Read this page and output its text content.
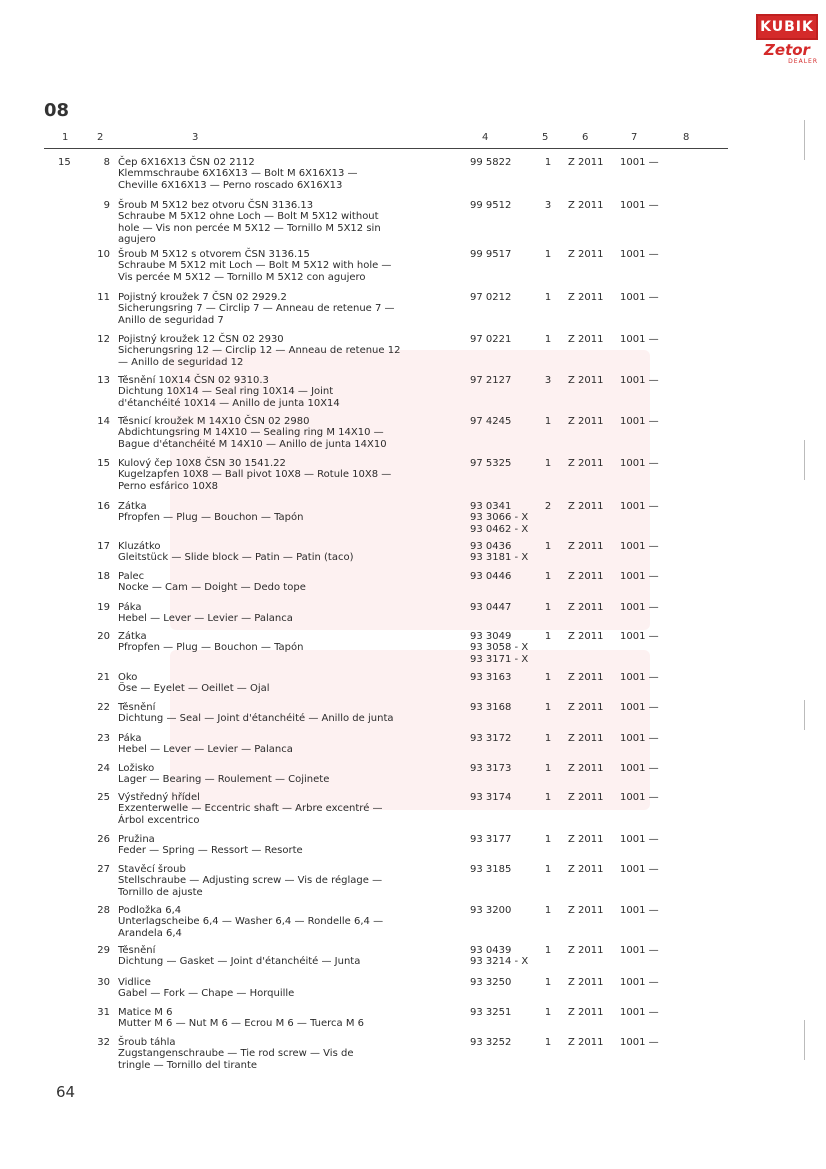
KUBIK
Zetor
DEALER
08
1	2	3	4	5	6	7	8
15	8 Čep 6X16X13 ČSN 02 2112
Klemmschraube 6X16X13 — Bolt M 6X16X13 —
Cheville 6X16X13 — Perno roscado 6X16X13
99 5822	1 Z 2011	1001 —
9 Šroub M 5X12 bez otvoru ČSN 3136.13
Schraube M 5X12 ohne Loch — Bolt M 5X12 without
hole — Vis non percée M 5X12 — Tornillo M 5X12 sin
agujero
99 9512	3 Z 2011	1001 —
10 Šroub M 5X12 s otvorem ČSN 3136.15
Schraube M 5X12 mit Loch — Bolt M 5X12 with hole —
Vis percée M 5X12 — Tornillo M 5X12 con agujero
99 9517	1 Z 2011	1001 —
11 Pojistný kroužek 7 ČSN 02 2929.2
Sicherungsring 7 — Circlip 7 — Anneau de retenue 7 —
Anillo de seguridad 7
97 0212	1 Z 2011	1001 —
12 Pojistný kroužek 12 ČSN 02 2930
Sicherungsring 12 — Circlip 12 — Anneau de retenue 12
— Anillo de seguridad 12
97 0221	1 Z 2011	1001 —
13 Těsnění 10X14 ČSN 02 9310.3
Dichtung 10X14 — Seal ring 10X14 — Joint
d'étanchéité 10X14 — Anillo de junta 10X14
97 2127	3 Z 2011	1001 —
14 Těsnicí kroužek M 14X10 ČSN 02 2980
Abdichtungsring M 14X10 — Sealing ring M 14X10 —
Bague d'étanchéité M 14X10 — Anillo de junta 14X10
97 4245	1 Z 2011	1001 —
15 Kulový čep 10X8 ČSN 30 1541.22
Kugelzapfen 10X8 — Ball pivot 10X8 — Rotule 10X8 —
Perno esfárico 10X8
97 5325	1 Z 2011	1001 —
16 Zátka
Pfropfen — Plug — Bouchon — Tapón
93 0341
93 3066 - X
93 0462 - X
2 Z 2011	1001 —
17 Kluzátko
Gleitstück — Slide block — Patin — Patin (taco)
93 0436
93 3181 - X
1 Z 2011	1001 —
18 Palec
Nocke — Cam — Doight — Dedo tope
93 0446	1 Z 2011	1001 —
19 Páka
Hebel — Lever — Levier — Palanca
93 0447	1 Z 2011	1001 —
20 Zátka
Pfropfen — Plug — Bouchon — Tapón
93 3049
93 3058 - X
93 3171 - X
1 Z 2011	1001 —
21 Oko
Öse — Eyelet — Oeillet — Ojal
93 3163	1 Z 2011	1001 —
22 Těsnění
Dichtung — Seal — Joint d'étanchéité — Anillo de junta
93 3168	1 Z 2011	1001 —
23 Páka
Hebel — Lever — Levier — Palanca
93 3172	1 Z 2011	1001 —
24 Ložisko
Lager — Bearing — Roulement — Cojinete
93 3173	1 Z 2011	1001 —
25 Výstředný hřídel
Exzenterwelle — Eccentric shaft — Arbre excentré —
Árbol excentrico
93 3174	1 Z 2011	1001 —
26 Pružina
Feder — Spring — Ressort — Resorte
93 3177	1 Z 2011	1001 —
27 Stavěcí šroub
Stellschraube — Adjusting screw — Vis de réglage —
Tornillo de ajuste
93 3185	1 Z 2011	1001 —
28 Podložka 6,4
Unterlagscheibe 6,4 — Washer 6,4 — Rondelle 6,4 —
Arandela 6,4
93 3200	1 Z 2011	1001 —
29 Těsnění
Dichtung — Gasket — Joint d'étanchéité — Junta
93 0439
93 3214 - X
1 Z 2011	1001 —
30 Vidlice
Gabel — Fork — Chape — Horquille
93 3250	1 Z 2011	1001 —
31 Matice M 6
Mutter M 6 — Nut M 6 — Ecrou M 6 — Tuerca M 6
93 3251	1 Z 2011	1001 —
32 Šroub táhla
Zugstangenschraube — Tie rod screw — Vis de
tringle — Tornillo del tirante
93 3252	1 Z 2011	1001 —
64
